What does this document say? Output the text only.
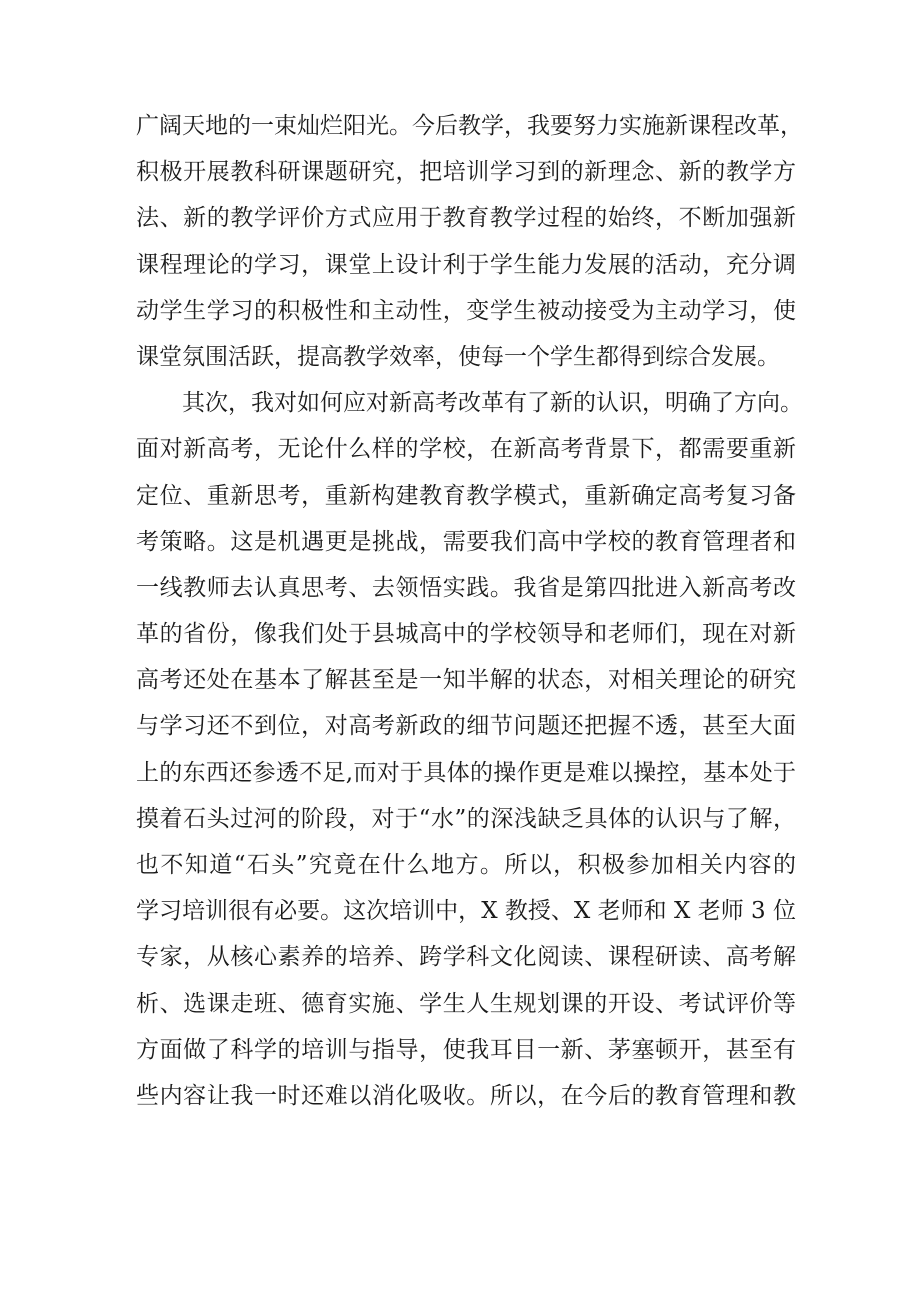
广阔天地的一束灿烂阳光。今后教学，我要努力实施新课程改革，
积极开展教科研课题研究，把培训学习到的新理念、新的教学方
法、新的教学评价方式应用于教育教学过程的始终，不断加强新
课程理论的学习，课堂上设计利于学生能力发展的活动，充分调
动学生学习的积极性和主动性，变学生被动接受为主动学习，使
课堂氛围活跃，提高教学效率，使每一个学生都得到综合发展。
其次，我对如何应对新高考改革有了新的认识，明确了方向。
面对新高考，无论什么样的学校，在新高考背景下，都需要重新
定位、重新思考，重新构建教育教学模式，重新确定高考复习备
考策略。这是机遇更是挑战，需要我们高中学校的教育管理者和
一线教师去认真思考、去领悟实践。我省是第四批进入新高考改
革的省份，像我们处于县城高中的学校领导和老师们，现在对新
高考还处在基本了解甚至是一知半解的状态，对相关理论的研究
与学习还不到位，对高考新政的细节问题还把握不透，甚至大面
上的东西还参透不足,而对于具体的操作更是难以操控，基本处于
摸着石头过河的阶段，对于“水”的深浅缺乏具体的认识与了解，
也不知道“石头”究竟在什么地方。所以，积极参加相关内容的
学习培训很有必要。这次培训中，X 教授、X 老师和 X 老师 3 位
专家，从核心素养的培养、跨学科文化阅读、课程研读、高考解
析、选课走班、德育实施、学生人生规划课的开设、考试评价等
方面做了科学的培训与指导，使我耳目一新、茅塞顿开，甚至有
些内容让我一时还难以消化吸收。所以，在今后的教育管理和教
